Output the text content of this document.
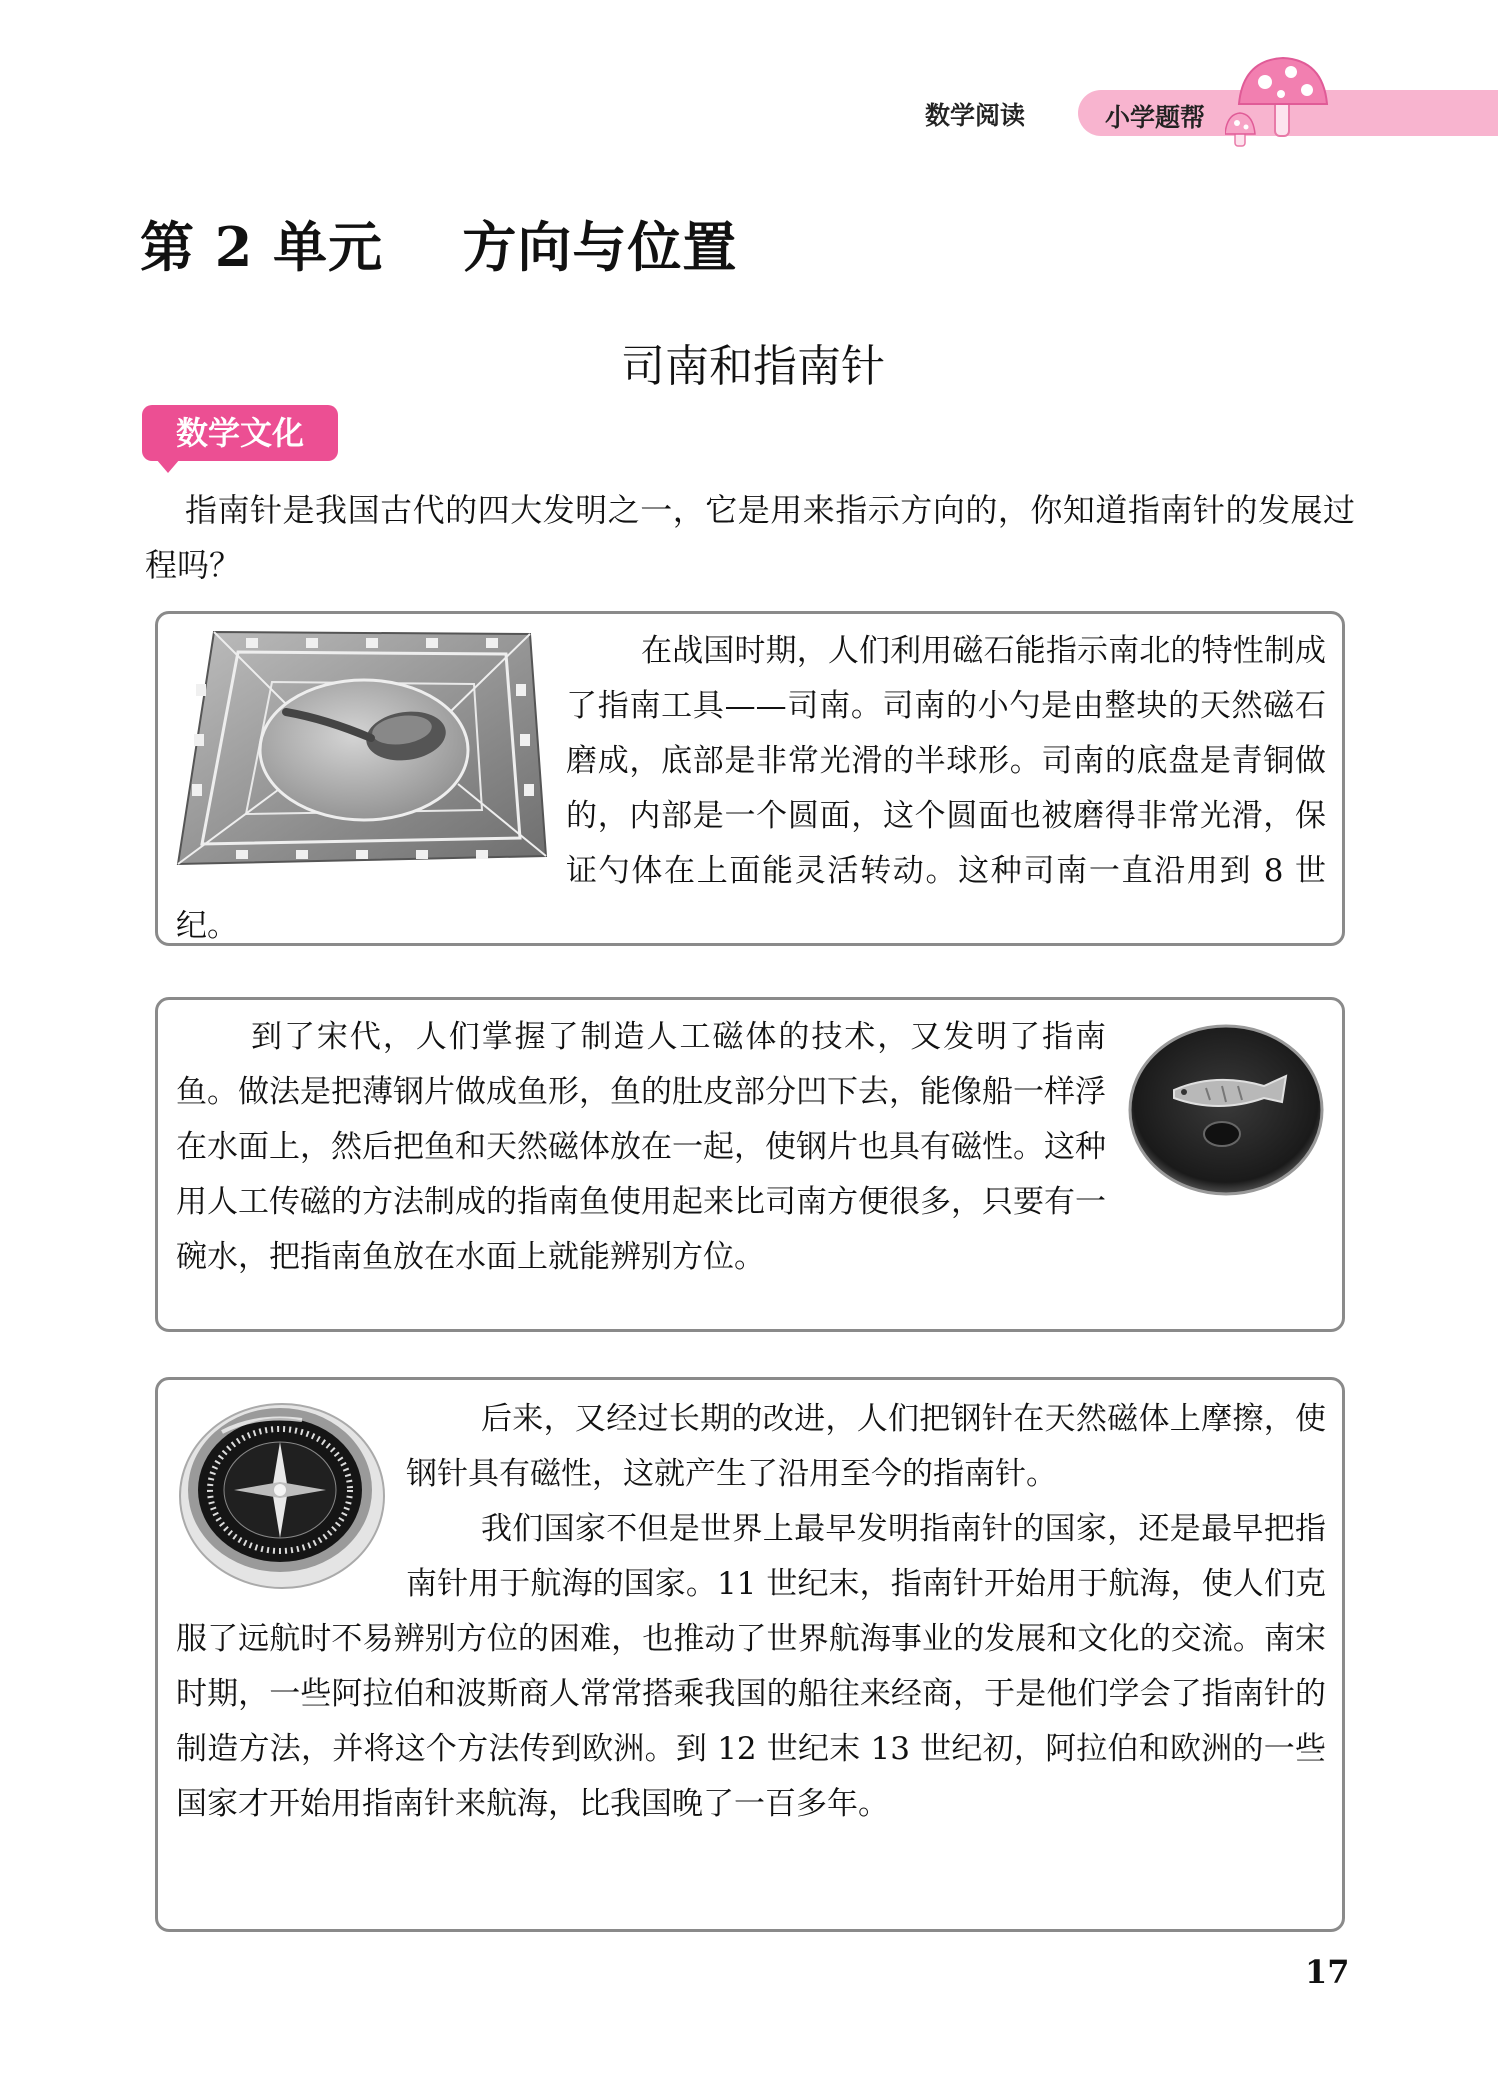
数学阅读	小学题帮
第 2 单元    方向与位置
司南和指南针
数学文化

指南针是我国古代的四大发明之一，它是用来指示方向的，你知道指南针的发展过程吗？

在战国时期，人们利用磁石能指示南北的特性制成了指南工具——司南。司南的小勺是由整块的天然磁石磨成，底部是非常光滑的半球形。司南的底盘是青铜做的，内部是一个圆面，这个圆面也被磨得非常光滑，保证勺体在上面能灵活转动。这种司南一直沿用到 8 世纪。

到了宋代，人们掌握了制造人工磁体的技术，又发明了指南鱼。做法是把薄钢片做成鱼形，鱼的肚皮部分凹下去，能像船一样浮在水面上，然后把鱼和天然磁体放在一起，使钢片也具有磁性。这种用人工传磁的方法制成的指南鱼使用起来比司南方便很多，只要有一碗水，把指南鱼放在水面上就能辨别方位。

后来，又经过长期的改进，人们把钢针在天然磁体上摩擦，使钢针具有磁性，这就产生了沿用至今的指南针。

我们国家不但是世界上最早发明指南针的国家，还是最早把指南针用于航海的国家。11 世纪末，指南针开始用于航海，使人们克服了远航时不易辨别方位的困难，也推动了世界航海事业的发展和文化的交流。南宋时期，一些阿拉伯和波斯商人常常搭乘我国的船往来经商，于是他们学会了指南针的制造方法，并将这个方法传到欧洲。到 12 世纪末 13 世纪初，阿拉伯和欧洲的一些国家才开始用指南针来航海，比我国晚了一百多年。

17
